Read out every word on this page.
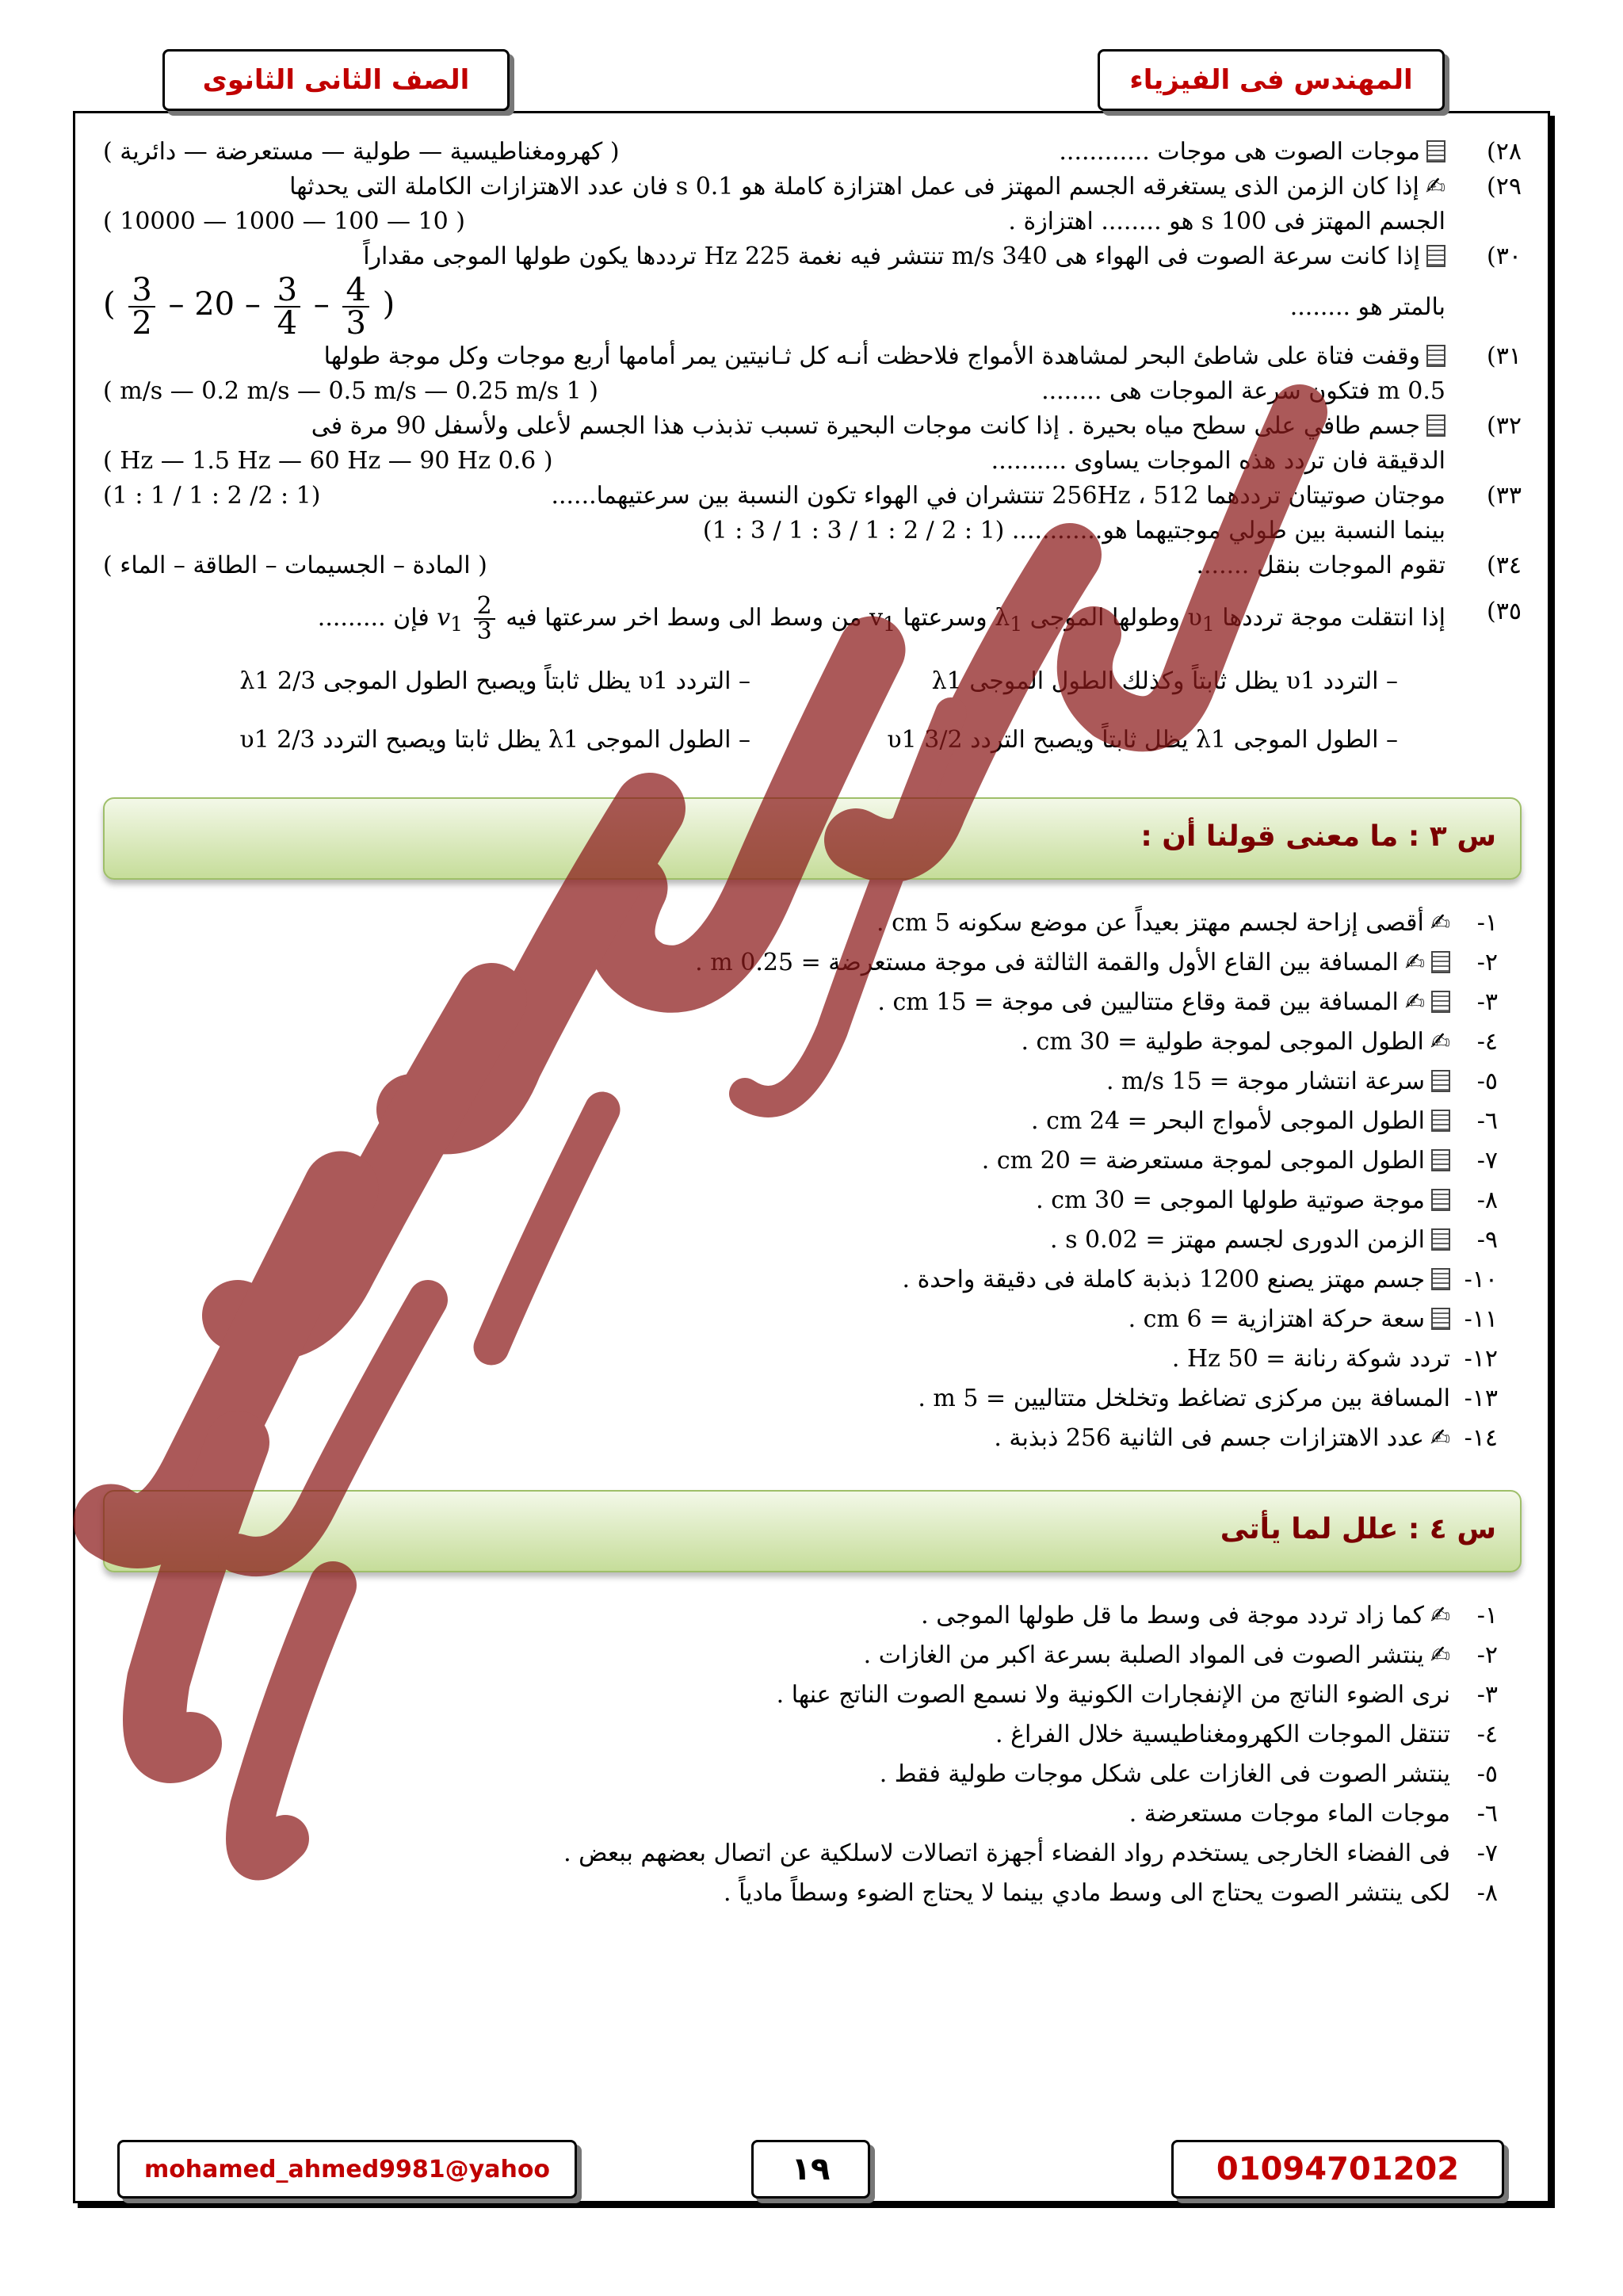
الصف الثانى الثانوى	المهندس فى الفيزياء
٢٨)
موجات الصوت هى موجات ............
( كهرومغناطيسية — طولية — مستعرضة — دائرية )
٢٩)
✍إذا كان الزمن الذى يستغرقه الجسم المهتز فى عمل اهتزازة كاملة هو 0.1 s فان عدد الاهتزازات الكاملة التى يحدثها
الجسم المهتز فى 100 s هو ........ اهتزازة .
( 10 — 100 — 1000 — 10000 )
٣٠)
إذا كانت سرعة الصوت فى الهواء هى 340 m/s تنتشر فيه نغمة 225 Hz ترددها يكون طولها الموجى مقداراً
بالمتر هو ........
( $\frac{3}{2} - 20 - \frac{3}{4} - \frac{4}{3}$ )
٣١)
وقفت فتاة على شاطئ البحر لمشاهدة الأمواج فلاحظت أنـه كل ثـانيتين يمر أمامها أربع موجات وكل موجة طولها
0.5 m فتكون سرعة الموجات هى ........
( 1 m/s — 0.2 m/s — 0.5 m/s — 0.25 m/s )
٣٢)
جسم طافي على سطح مياه بحيرة . إذا كانت موجات البحيرة تسبب تذبذب هذا الجسم لأعلى ولأسفل 90 مرة فى
الدقيقة فان تردد هذه الموجات يساوى ..........
( 0.6 Hz — 1.5 Hz — 60 Hz — 90 Hz )
٣٣)
موجتان صوتيتان ترددهما 256Hz ، 512 تنتشران في الهواء تكون النسبة بين سرعتيهما......
(1 : 2/ 2 : 1 / 1 : 1)
بينما النسبة بين طولي موجتيهما هو............ (1 : 2 / 2 : 1 / 3 : 1 / 3 : 1)
٣٤)
تقوم الموجات بنقل .......
( المادة – الجسيمات – الطاقة – الماء )
٣٥)
إذا انتقلت موجة ترددها $\upsilon_1$ وطولها الموجى $\lambda_1$ وسرعتها $v_1$ من وسط الى وسط اخر سرعتها فيه
$\frac{2}{3}$
$v_1$ فإن .........
– التردد υ1 يظل ثابتاً وكذلك الطول الموجى λ1
– التردد υ1 يظل ثابتاً ويصبح الطول الموجى 2/3 λ1
– الطول الموجى λ1 يظل ثابتاً ويصبح التردد 3/2 υ1
– الطول الموجى λ1 يظل ثابتا ويصبح التردد 2/3 υ1
س ٣ : ما معنى قولنا أن :
١-
✍أقصى إزاحة لجسم مهتز بعيداً عن موضع سكونه 5 cm .
٢-
✍المسافة بين القاع الأول والقمة الثالثة فى موجة مستعرضة = 0.25 m .
٣-
✍المسافة بين قمة وقاع متتاليين فى موجة = 15 cm .
٤-
✍الطول الموجى لموجة طولية = 30 cm .
٥-
سرعة انتشار موجة = 15 m/s .
٦-
الطول الموجى لأمواج البحر = 24 cm .
٧-
الطول الموجى لموجة مستعرضة = 20 cm .
٨-
موجة صوتية طولها الموجى = 30 cm .
٩-
الزمن الدورى لجسم مهتز = 0.02 s .
١٠-
جسم مهتز يصنع 1200 ذبذبة كاملة فى دقيقة واحدة .
١١-
سعة حركة اهتزازية = 6 cm .
١٢-
تردد شوكة رنانة = 50 Hz .
١٣-
المسافة بين مركزى تضاغط وتخلخل متتاليين = 5 m .
١٤-
✍عدد الاهتزازات جسم فى الثانية 256 ذبذبة .
س ٤ : علل لما يأتى
١-
✍كما زاد تردد موجة فى وسط ما قل طولها الموجى .
٢-
✍ينتشر الصوت فى المواد الصلبة بسرعة اكبر من الغازات .
٣-
نرى الضوء الناتج من الإنفجارات الكونية ولا نسمع الصوت الناتج عنها .
٤-
تنتقل الموجات الكهرومغناطيسية خلال الفراغ .
٥-
ينتشر الصوت فى الغازات على شكل موجات طولية فقط .
٦-
موجات الماء موجات مستعرضة .
٧-
فى الفضاء الخارجى يستخدم رواد الفضاء أجهزة اتصالات لاسلكية عن اتصال بعضهم ببعض .
٨-
لكى ينتشر الصوت يحتاج الى وسط مادي بينما لا يحتاج الضوء وسطاً مادياً .
mohamed_ahmed9981@yahoo	١٩	01094701202
